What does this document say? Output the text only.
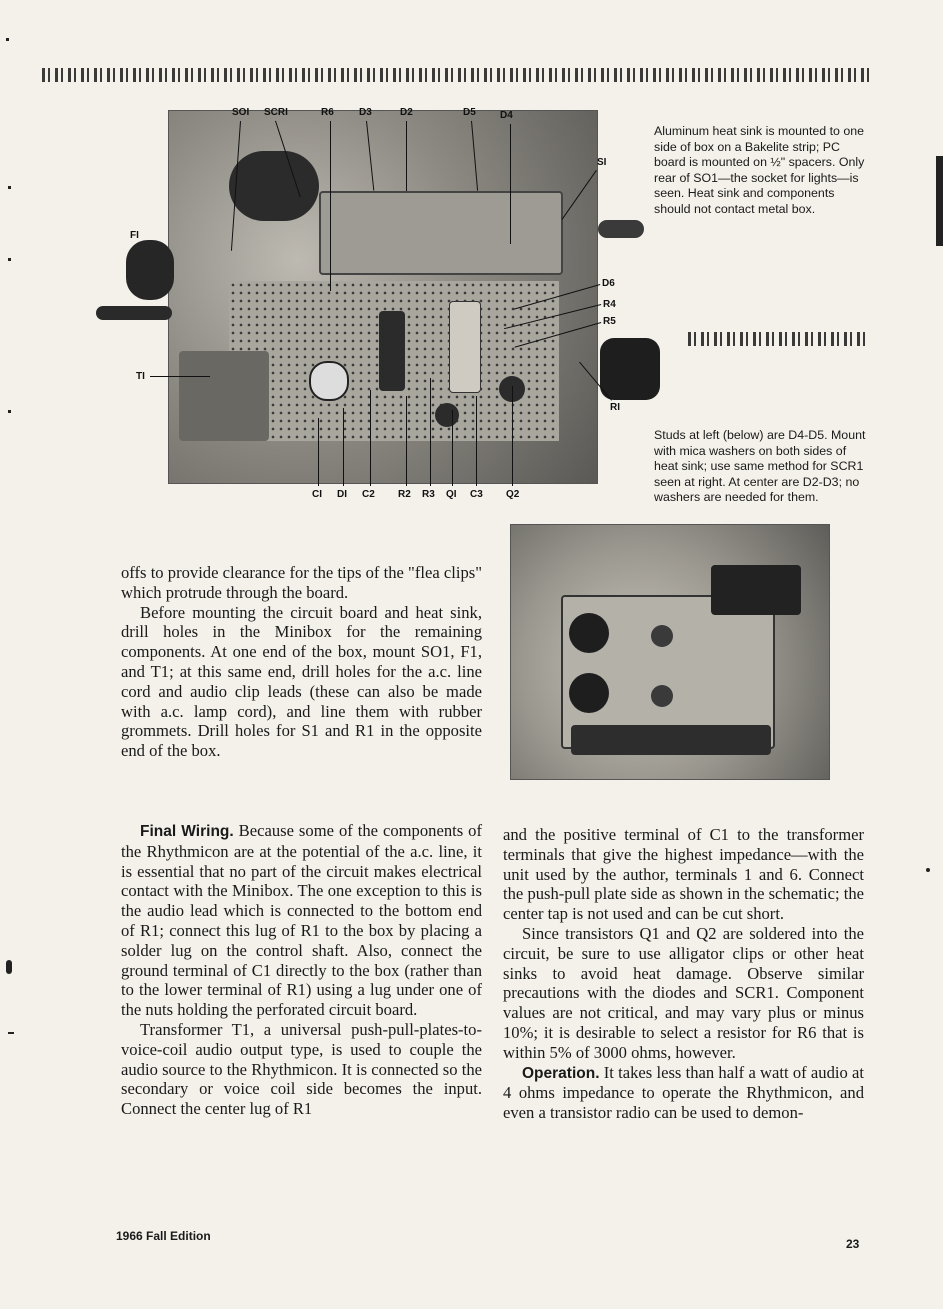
SOI SCRI	R6	D3	D2	D5 D4
SI
D6
R4
R5
RI
FI
TI
CI DI C2 R2 R3 QI C3 Q2
Aluminum heat sink is mounted to one side of box on a Bakelite strip; PC board is mounted on ½" spacers. Only rear of SO1—the socket for lights—is seen. Heat sink and components should not contact metal box.
Studs at left (below) are D4-D5. Mount with mica washers on both sides of heat sink; use same method for SCR1 seen at right. At center are D2-D3; no washers are needed for them.

offs to provide clearance for the tips of the "flea clips" which protrude through the board.

Before mounting the circuit board and heat sink, drill holes in the Minibox for the remaining components. At one end of the box, mount SO1, F1, and T1; at this same end, drill holes for the a.c. line cord and audio clip leads (these can also be made with a.c. lamp cord), and line them with rubber grommets. Drill holes for S1 and R1 in the opposite end of the box.

Final Wiring. Because some of the components of the Rhythmicon are at the potential of the a.c. line, it is essential that no part of the circuit makes electrical contact with the Minibox. The one exception to this is the audio lead which is connected to the bottom end of R1; connect this lug of R1 to the box by placing a solder lug on the control shaft. Also, connect the ground terminal of C1 directly to the box (rather than to the lower terminal of R1) using a lug under one of the nuts holding the perforated circuit board.

Transformer T1, a universal push-pull-plates-to-voice-coil audio output type, is used to couple the audio source to the Rhythmicon. It is connected so the secondary or voice coil side becomes the input. Connect the center lug of R1

and the positive terminal of C1 to the transformer terminals that give the highest impedance—with the unit used by the author, terminals 1 and 6. Connect the push-pull plate side as shown in the schematic; the center tap is not used and can be cut short.

Since transistors Q1 and Q2 are soldered into the circuit, be sure to use alligator clips or other heat sinks to avoid heat damage. Observe similar precautions with the diodes and SCR1. Component values are not critical, and may vary plus or minus 10%; it is desirable to select a resistor for R6 that is within 5% of 3000 ohms, however.

Operation. It takes less than half a watt of audio at 4 ohms impedance to operate the Rhythmicon, and even a transistor radio can be used to demon-

1966 Fall Edition
23
